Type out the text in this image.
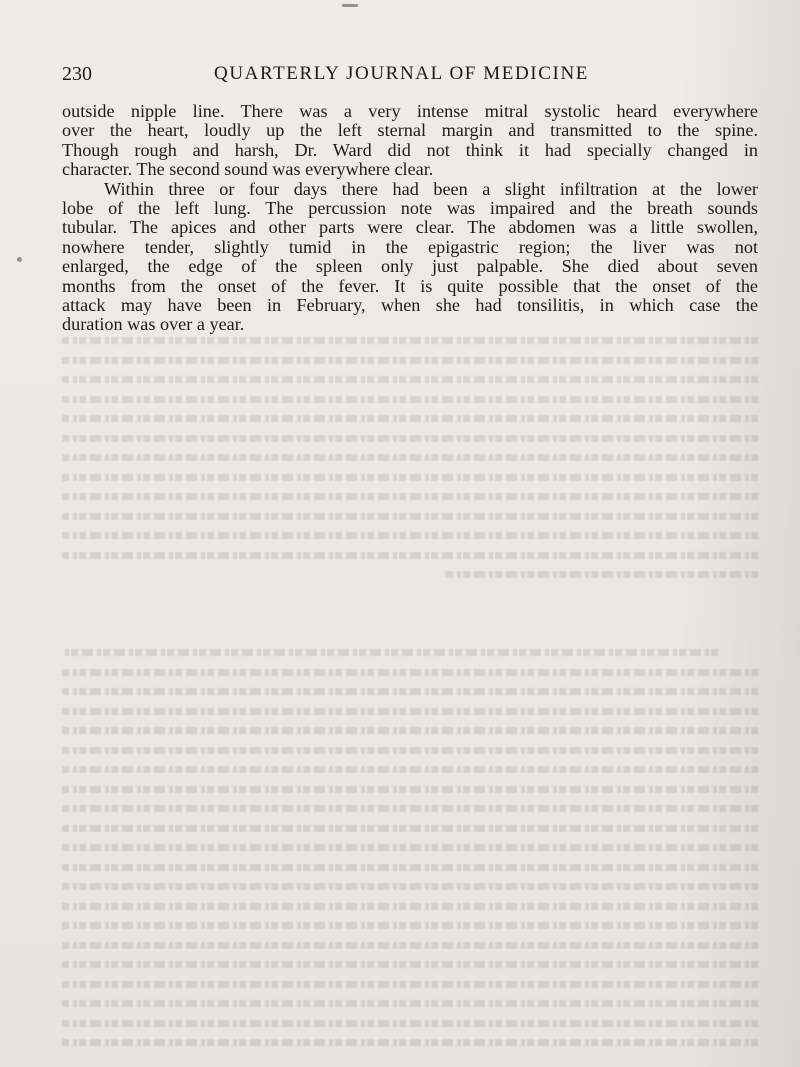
230	QUARTERLY JOURNAL OF MEDICINE

outside nipple line. There was a very intense mitral systolic heard everywhere
over the heart, loudly up the left sternal margin and transmitted to the spine.
Though rough and harsh, Dr. Ward did not think it had specially changed in
character. The second sound was everywhere clear.

Within three or four days there had been a slight infiltration at the lower
lobe of the left lung. The percussion note was impaired and the breath sounds
tubular. The apices and other parts were clear. The abdomen was a little swollen,
nowhere tender, slightly tumid in the epigastric region; the liver was not
enlarged, the edge of the spleen only just palpable. She died about seven
months from the onset of the fever. It is quite possible that the onset of the
attack may have been in February, when she had tonsilitis, in which case the
duration was over a year.
